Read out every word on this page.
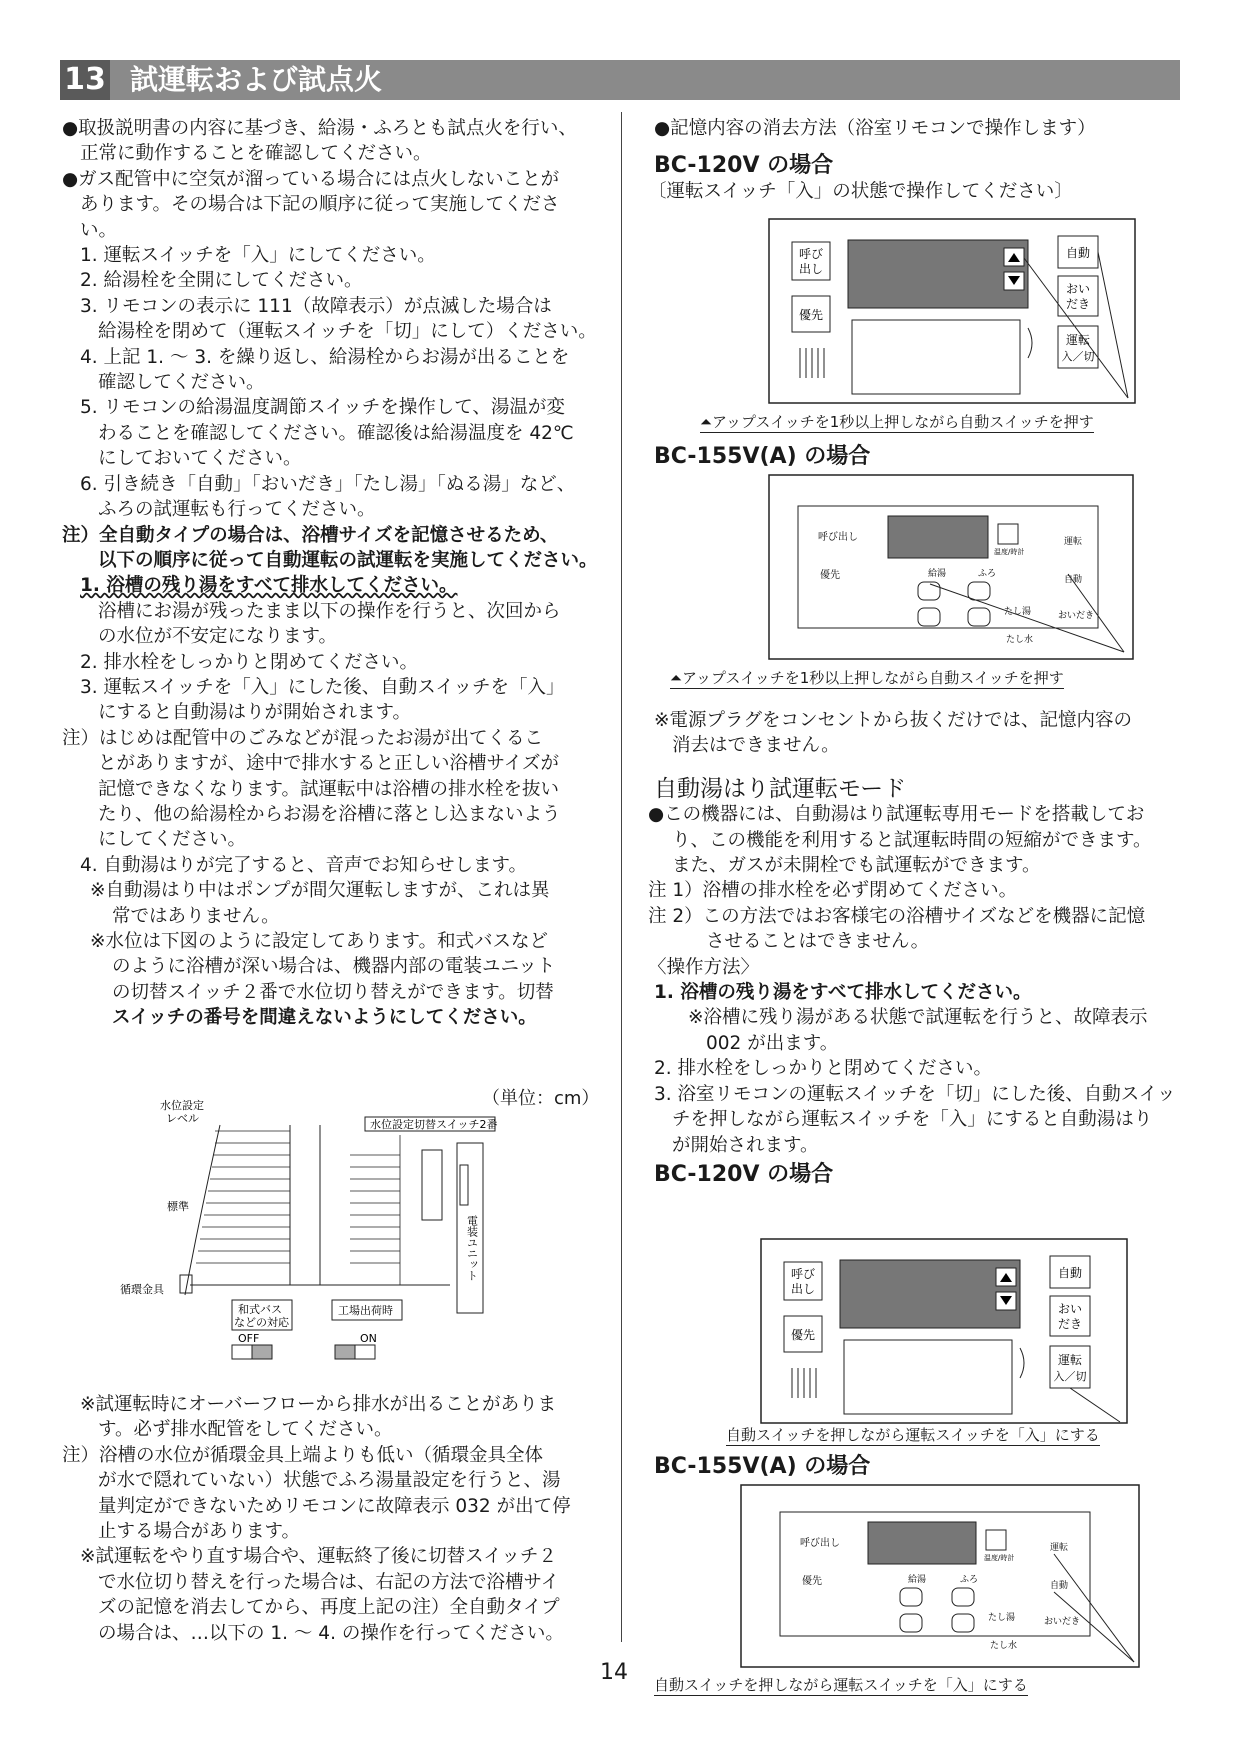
13 試運転および試点火

●取扱説明書の内容に基づき、給湯・ふろとも試点火を行い、

正常に動作することを確認してください。

●ガス配管中に空気が溜っている場合には点火しないことが

あります。その場合は下記の順序に従って実施してくださ

い。

1. 運転スイッチを「入」にしてください。

2. 給湯栓を全開にしてください。

3. リモコンの表示に 111（故障表示）が点滅した場合は

給湯栓を閉めて（運転スイッチを「切」にして）ください。

4. 上記 1. ～ 3. を繰り返し、給湯栓からお湯が出ることを

確認してください。

5. リモコンの給湯温度調節スイッチを操作して、湯温が変

わることを確認してください。確認後は給湯温度を 42℃

にしておいてください。

6. 引き続き「自動」「おいだき」「たし湯」「ぬる湯」など、

ふろの試運転も行ってください。

注）全自動タイプの場合は、浴槽サイズを記憶させるため、

以下の順序に従って自動運転の試運転を実施してください。

1. 浴槽の残り湯をすべて排水してください。

浴槽にお湯が残ったまま以下の操作を行うと、次回から

の水位が不安定になります。

2. 排水栓をしっかりと閉めてください。

3. 運転スイッチを「入」にした後、自動スイッチを「入」

にすると自動湯はりが開始されます。

注）はじめは配管中のごみなどが混ったお湯が出てくるこ

とがありますが、途中で排水すると正しい浴槽サイズが

記憶できなくなります。試運転中は浴槽の排水栓を抜い

たり、他の給湯栓からお湯を浴槽に落とし込まないよう

にしてください。

4. 自動湯はりが完了すると、音声でお知らせします。

※自動湯はり中はポンプが間欠運転しますが、これは異

常ではありません。

※水位は下図のように設定してあります。和式バスなど

のように浴槽が深い場合は、機器内部の電装ユニット

の切替スイッチ２番で水位切り替えができます。切替

スイッチの番号を間違えないようにしてください。

（単位：cm）
水位設定
レベル
標準
水位設定切替スイッチ2番
電装ユニット
循環金具
和式バス
などの対応
OFF
工場出荷時
ON

※試運転時にオーバーフローから排水が出ることがありま

す。必ず排水配管をしてください。

注）浴槽の水位が循環金具上端よりも低い（循環金具全体

が水で隠れていない）状態でふろ湯量設定を行うと、湯

量判定ができないためリモコンに故障表示 032 が出て停

止する場合があります。

※試運転をやり直す場合や、運転終了後に切替スイッチ２

で水位切り替えを行った場合は、右記の方法で浴槽サイ

ズの記憶を消去してから、再度上記の注）全自動タイプ

の場合は、…以下の 1. ～ 4. の操作を行ってください。

●記憶内容の消去方法（浴室リモコンで操作します）

BC-120V の場合

〔運転スイッチ「入」の状態で操作してください〕

呼び
出し
優先
自動
おい
だき
運転
入／切
⏶アップスイッチを1秒以上押しながら自動スイッチを押す

BC-155V(A) の場合

呼び出し
優先
温度/時計
給湯	ふろ
たし湯
たし水
運転
自動
おいだき
⏶アップスイッチを1秒以上押しながら自動スイッチを押す

※電源プラグをコンセントから抜くだけでは、記憶内容の

消去はできません。

自動湯はり試運転モード

●この機器には、自動湯はり試運転専用モードを搭載してお

り、この機能を利用すると試運転時間の短縮ができます。

また、ガスが未開栓でも試運転ができます。

注 1）浴槽の排水栓を必ず閉めてください。

注 2）この方法ではお客様宅の浴槽サイズなどを機器に記憶

させることはできません。

〈操作方法〉

1. 浴槽の残り湯をすべて排水してください。

※浴槽に残り湯がある状態で試運転を行うと、故障表示

002 が出ます。

2. 排水栓をしっかりと閉めてください。

3. 浴室リモコンの運転スイッチを「切」にした後、自動スイッ

チを押しながら運転スイッチを「入」にすると自動湯はり

が開始されます。

BC-120V の場合

呼び
出し
優先
自動
おい
だき
運転
入／切
自動スイッチを押しながら運転スイッチを「入」にする

BC-155V(A) の場合

呼び出し
優先
温度/時計
給湯	ふろ
たし湯
たし水
運転
自動
おいだき
自動スイッチを押しながら運転スイッチを「入」にする
14
